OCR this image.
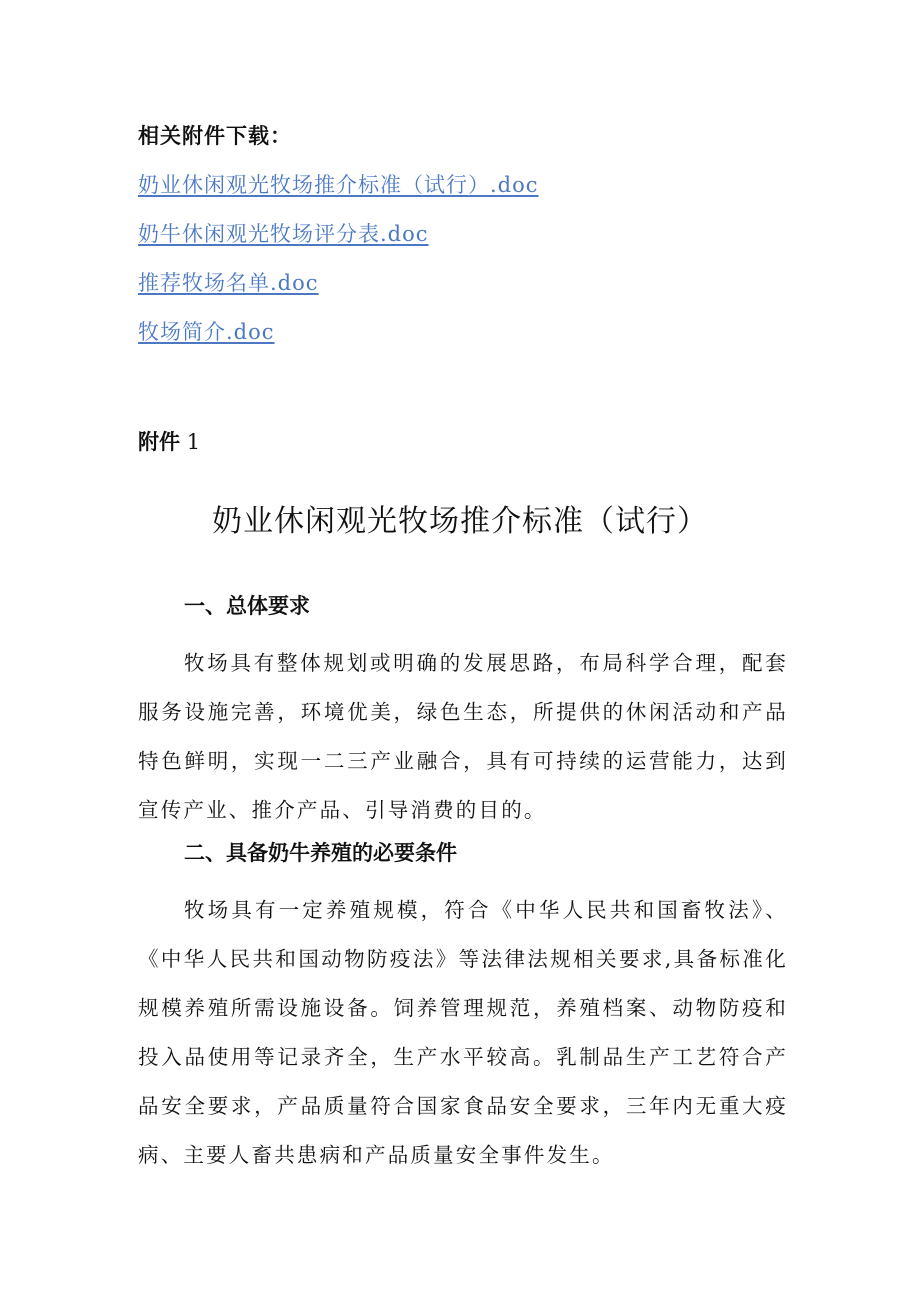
相关附件下载：
奶业休闲观光牧场推介标准（试行）.doc
奶牛休闲观光牧场评分表.doc
推荐牧场名单.doc
牧场简介.doc
附件 1
奶业休闲观光牧场推介标准（试行）
一、总体要求

牧场具有整体规划或明确的发展思路，布局科学合理，配套服务设施完善，环境优美，绿色生态，所提供的休闲活动和产品特色鲜明，实现一二三产业融合，具有可持续的运营能力，达到宣传产业、推介产品、引导消费的目的。

二、具备奶牛养殖的必要条件

牧场具有一定养殖规模，符合《中华人民共和国畜牧法》、《中华人民共和国动物防疫法》等法律法规相关要求,具备标准化规模养殖所需设施设备。饲养管理规范，养殖档案、动物防疫和投入品使用等记录齐全，生产水平较高。乳制品生产工艺符合产品安全要求，产品质量符合国家食品安全要求，三年内无重大疫病、主要人畜共患病和产品质量安全事件发生。
